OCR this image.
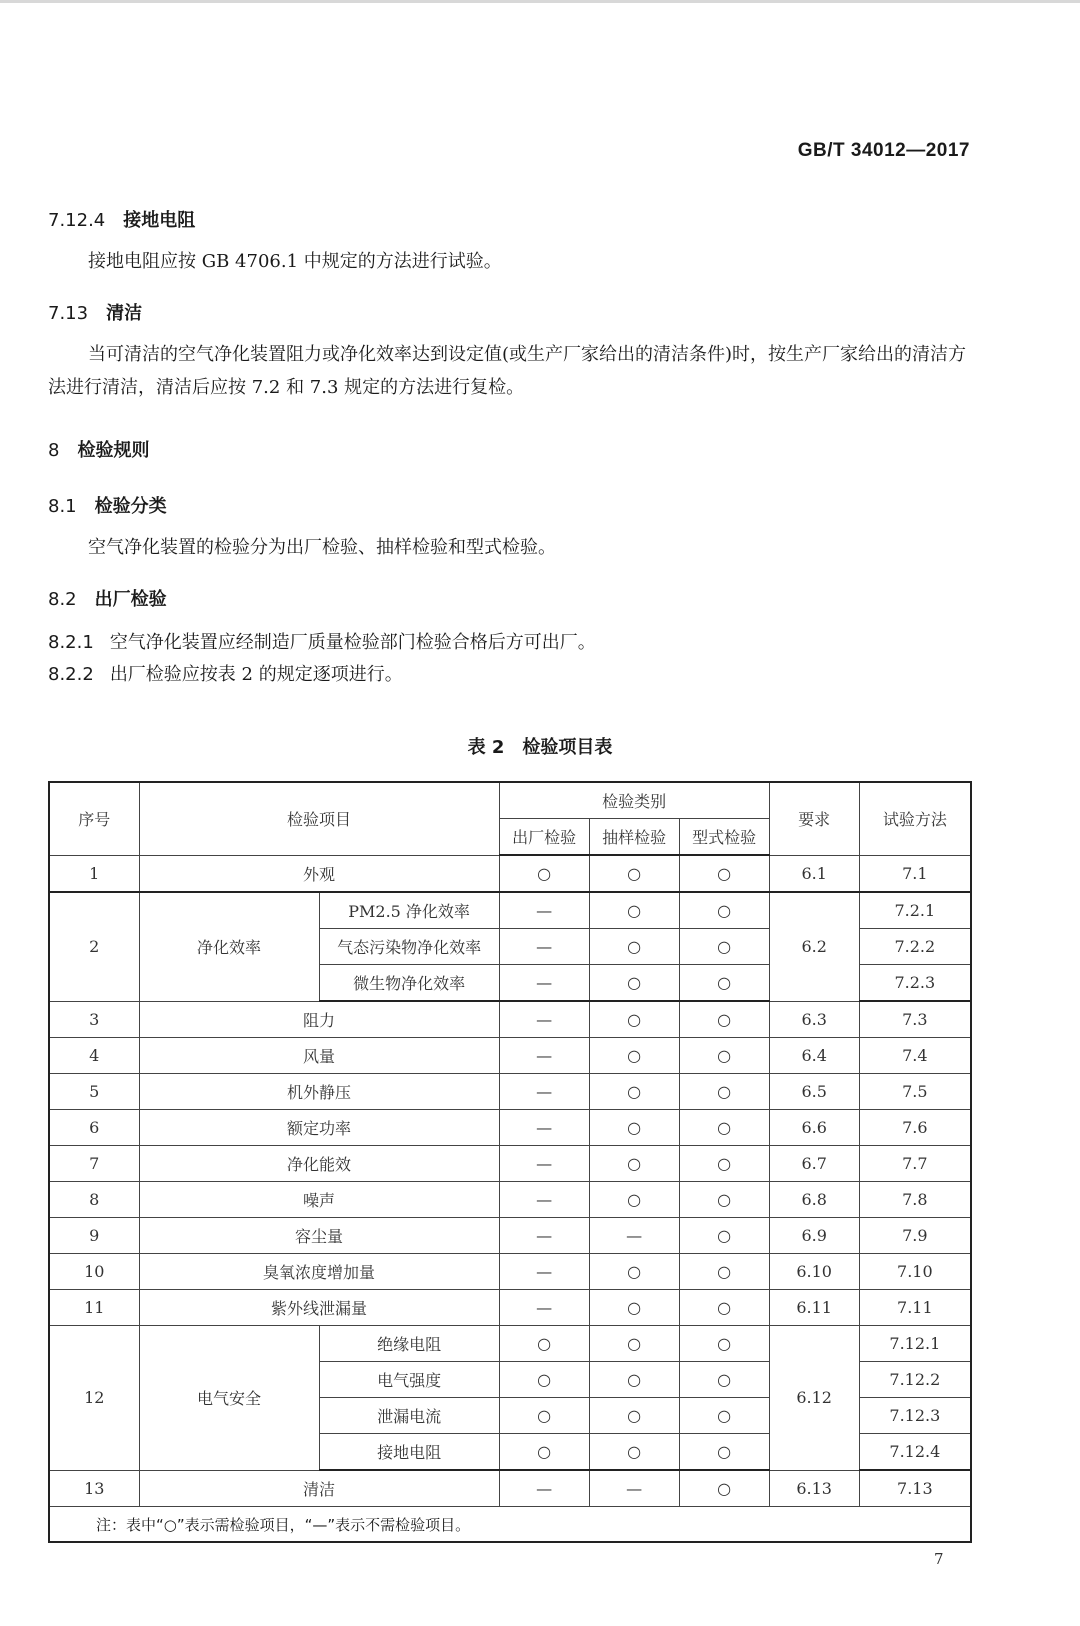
GB/T 34012—2017
7.12.4 接地电阻
接地电阻应按 GB 4706.1 中规定的方法进行试验。
7.13 清洁
当可清洁的空气净化装置阻力或净化效率达到设定值(或生产厂家给出的清洁条件)时，按生产厂家给出的清洁方法进行清洁，清洁后应按 7.2 和 7.3 规定的方法进行复检。
8 检验规则
8.1 检验分类
空气净化装置的检验分为出厂检验、抽样检验和型式检验。
8.2 出厂检验
8.2.1 空气净化装置应经制造厂质量检验部门检验合格后方可出厂。
8.2.2 出厂检验应按表 2 的规定逐项进行。
表 2 检验项目表
序号	检验项目		检验类别			要求	试验方法
			出厂检验	抽样检验	型式检验		
1	外观		○	○	○	6.1	7.1
2	净化效率	PM2.5 净化效率	—	○	○	6.2	7.2.1
		气态污染物净化效率	—	○	○		7.2.2
		微生物净化效率	—	○	○		7.2.3
3	阻力		—	○	○	6.3	7.3
4	风量		—	○	○	6.4	7.4
5	机外静压		—	○	○	6.5	7.5
6	额定功率		—	○	○	6.6	7.6
7	净化能效		—	○	○	6.7	7.7
8	噪声		—	○	○	6.8	7.8
9	容尘量		—	—	○	6.9	7.9
10	臭氧浓度增加量		—	○	○	6.10	7.10
11	紫外线泄漏量		—	○	○	6.11	7.11
12	电气安全	绝缘电阻	○	○	○	6.12	7.12.1
		电气强度	○	○	○		7.12.2
		泄漏电流	○	○	○		7.12.3
		接地电阻	○	○	○		7.12.4
13	清洁		—	—	○	6.13	7.13
注：表中“○”表示需检验项目，“—”表示不需检验项目。							
7
